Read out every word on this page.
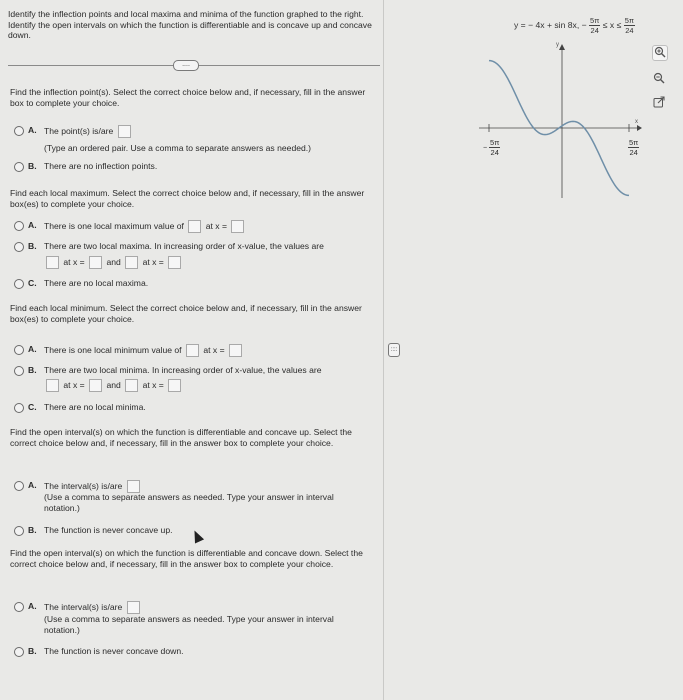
Identify the inflection points and local maxima and minima of the function graphed to the right. Identify the open intervals on which the function is differentiable and is concave up and concave down.
....
Find the inflection point(s). Select the correct choice below and, if necessary, fill in the answer box to complete your choice.
A. The point(s) is/are
(Type an ordered pair. Use a comma to separate answers as needed.)
B. There are no inflection points.
Find each local maximum. Select the correct choice below and, if necessary, fill in the answer box(es) to complete your choice.
A. There is one local maximum value of	at x =
B. There are two local maxima. In increasing order of x-value, the values are
at x =	and	at x =
C. There are no local maxima.
Find each local minimum. Select the correct choice below and, if necessary, fill in the answer box(es) to complete your choice.
A. There is one local minimum value of	at x =
B. There are two local minima. In increasing order of x-value, the values are
at x =	and	at x =
C. There are no local minima.
Find the open interval(s) on which the function is differentiable and concave up. Select the correct choice below and, if necessary, fill in the answer box to complete your choice.
A. The interval(s) is/are
(Use a comma to separate answers as needed. Type your answer in interval notation.)
B. The function is never concave up.
Find the open interval(s) on which the function is differentiable and concave down. Select the correct choice below and, if necessary, fill in the answer box to complete your choice.
A. The interval(s) is/are
(Use a comma to separate answers as needed. Type your answer in interval notation.)
B. The function is never concave down.
::::
y = − 4x + sin 8x, − $\frac{5\pi}{24} \le x \le \frac{5\pi}{24}$
y
x
− $\frac{5\pi}{24}$	$\frac{5\pi}{24}$
